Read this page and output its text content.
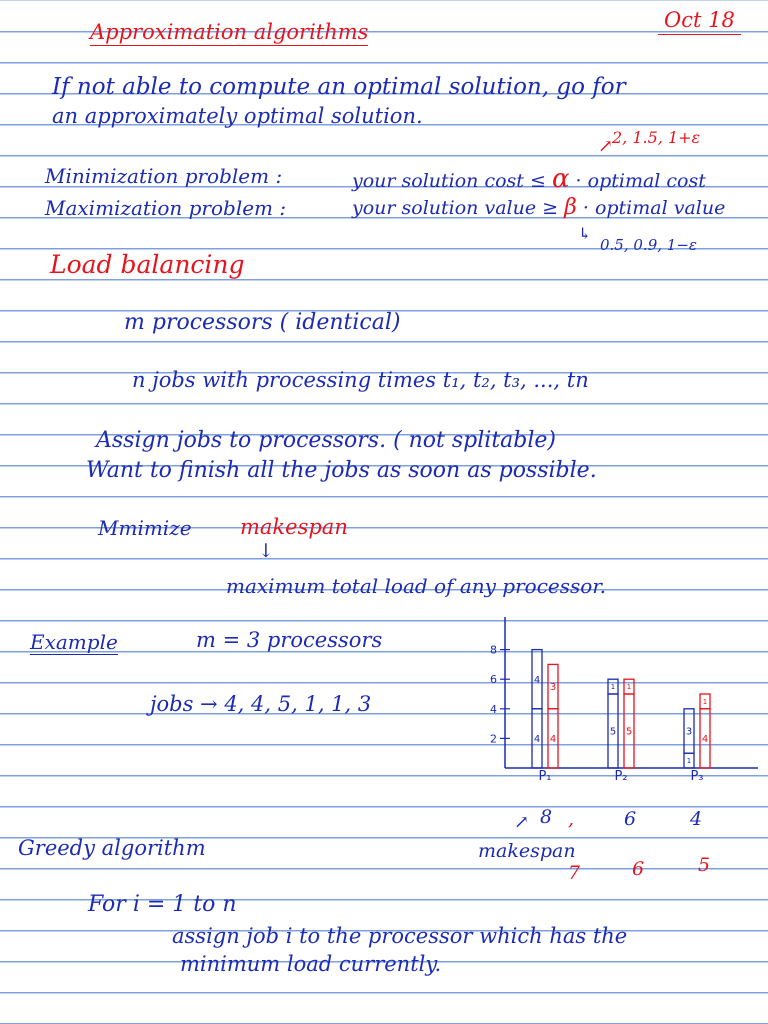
Approximation algorithms	Oct 18
If not able to compute an optimal solution, go for
an approximately optimal solution.
2, 1.5, 1+ε
↗
Minimization problem :	your solution cost ≤ α · optimal cost
Maximization problem :	your solution value ≥ β · optimal value
↳
0.5, 0.9, 1−ε
Load balancing
m processors ( identical)
n jobs with processing times t₁, t₂, t₃, ..., tn
Assign jobs to processors. ( not splitable)
Want to finish all the jobs as soon as possible.
Mmimize makespan
↓
maximum total load of any processor.
Example	m = 3 processors
jobs → 4, 4, 5, 1, 1, 3
2
4
6
8
4
4
4
3
P₁
5
1
5
1
P₂
1
3
4
1
P₃
8 ,	6	4
↗
makespan
7	6	5
Greedy algorithm
For i = 1 to n
assign job i to the processor which has the
minimum load currently.
